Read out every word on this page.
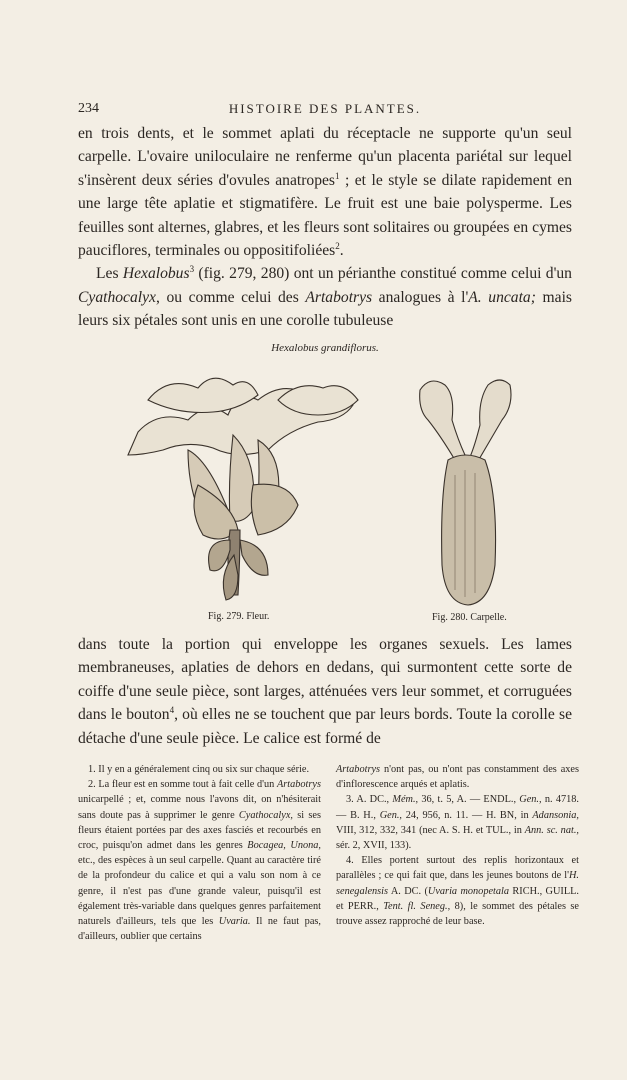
234	HISTOIRE DES PLANTES.

en trois dents, et le sommet aplati du réceptacle ne supporte qu'un seul carpelle. L'ovaire uniloculaire ne renferme qu'un placenta pariétal sur lequel s'insèrent deux séries d'ovules anatropes$^1$ ; et le style se dilate rapidement en une large tête aplatie et stigmatifère. Le fruit est une baie polysperme. Les feuilles sont alternes, glabres, et les fleurs sont solitaires ou groupées en cymes pauciflores, terminales ou oppositifoliées$^2$.

Les Hexalobus$^3$ (fig. 279, 280) ont un périanthe constitué comme celui d'un Cyathocalyx, ou comme celui des Artabotrys analogues à l'A. uncata; mais leurs six pétales sont unis en une corolle tubuleuse

Hexalobus grandiflorus.
Fig. 279. Fleur.	Fig. 280. Carpelle.

dans toute la portion qui enveloppe les organes sexuels. Les lames membraneuses, aplaties de dehors en dedans, qui surmontent cette sorte de coiffe d'une seule pièce, sont larges, atténuées vers leur sommet, et corruguées dans le bouton$^4$, où elles ne se touchent que par leurs bords. Toute la corolle se détache d'une seule pièce. Le calice est formé de

1. Il y en a généralement cinq ou six sur chaque série.

2. La fleur est en somme tout à fait celle d'un Artabotrys unicarpellé ; et, comme nous l'avons dit, on n'hésiterait sans doute pas à supprimer le genre Cyathocalyx, si ses fleurs étaient portées par des axes fasciés et recourbés en croc, puisqu'on admet dans les genres Bocagea, Unona, etc., des espèces à un seul carpelle. Quant au caractère tiré de la profondeur du calice et qui a valu son nom à ce genre, il n'est pas d'une grande valeur, puisqu'il est également très-variable dans quelques genres parfaitement naturels d'ailleurs, tels que les Uvaria. Il ne faut pas, d'ailleurs, oublier que certains

Artabotrys n'ont pas, ou n'ont pas constamment des axes d'inflorescence arqués et aplatis.

3. A. DC., Mém., 36, t. 5, A. — ENDL., Gen., n. 4718. — B. H., Gen., 24, 956, n. 11. — H. BN, in Adansonia, VIII, 312, 332, 341 (nec A. S. H. et TUL., in Ann. sc. nat., sér. 2, XVII, 133).

4. Elles portent surtout des replis horizontaux et parallèles ; ce qui fait que, dans les jeunes boutons de l'H. senegalensis A. DC. (Uvaria monopetala RICH., GUILL. et PERR., Tent. fl. Seneg., 8), le sommet des pétales se trouve assez rapproché de leur base.
